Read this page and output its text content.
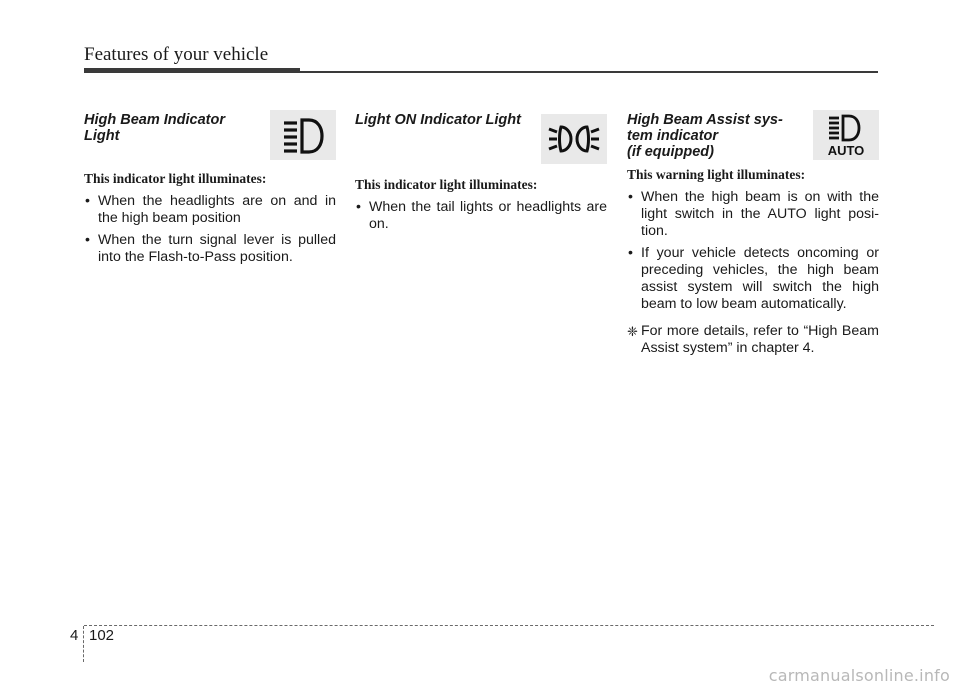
Features of your vehicle
High Beam Indicator Light

This indicator light illuminates:

• When the headlights are on and in the high beam position
• When the turn signal lever is pulled into the Flash-to-Pass position.
Light ON Indicator Light

This indicator light illuminates:

• When the tail lights or headlights are on.
High Beam Assist sys-
tem indicator
(if equipped)	AUTO

This warning light illuminates:

• When the high beam is on with the light switch in the AUTO light posi- tion.
• If your vehicle detects oncoming or preceding vehicles, the high beam assist system will switch the high beam to low beam automatically.
❈ For more details, refer to “High Beam Assist system” in chapter 4.
4 102
carmanualsonline.info
